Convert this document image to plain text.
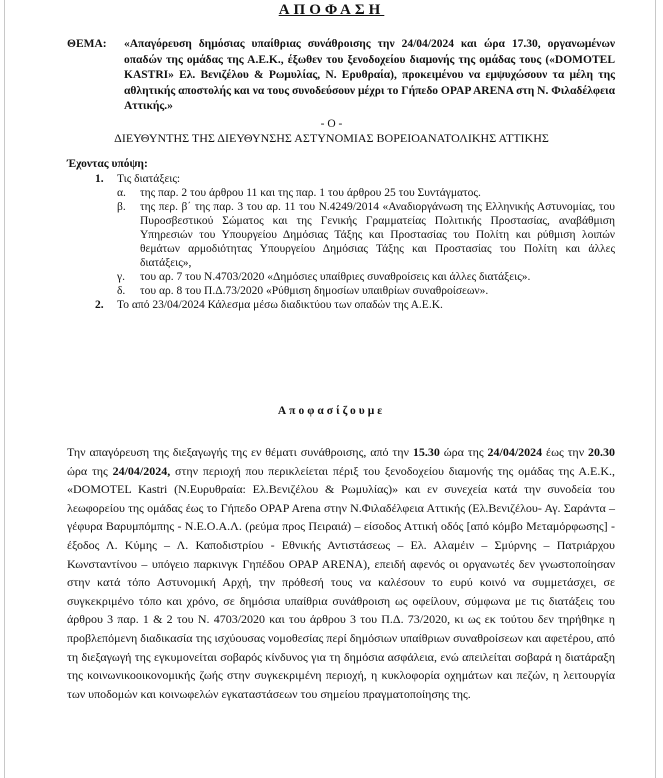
ΑΠΟΦΑΣΗ
ΘΕΜΑ:	«Απαγόρευση δημόσιας υπαίθριας συνάθροισης την 24/04/2024 και ώρα 17.30, οργανωμένων οπαδών της ομάδας της Α.Ε.Κ., έξωθεν του ξενοδοχείου διαμονής της ομάδας τους («DOMOTEL KASTRI» Ελ. Βενιζέλου & Ρωμυλίας, Ν. Ερυθραία), προκειμένου να εμψυχώσουν τα μέλη της αθλητικής αποστολής και να τους συνοδεύσουν μέχρι το Γήπεδο OPAP ARENA στη Ν. Φιλαδέλφεια Αττικής.»
- Ο -
ΔΙΕΥΘΥΝΤΗΣ ΤΗΣ ΔΙΕΥΘΥΝΣΗΣ ΑΣΤΥΝΟΜΙΑΣ ΒΟΡΕΙΟΑΝΑΤΟΛΙΚΗΣ ΑΤΤΙΚΗΣ
Έχοντας υπόψη:
1.	Τις διατάξεις:
α.	της παρ. 2 του άρθρου 11 και της παρ. 1 του άρθρου 25 του Συντάγματος.
β.	της περ. β΄ της παρ. 3 του αρ. 11 του Ν.4249/2014 «Αναδιοργάνωση της Ελληνικής Αστυνομίας, του Πυροσβεστικού Σώματος και της Γενικής Γραμματείας Πολιτικής Προστασίας, αναβάθμιση Υπηρεσιών του Υπουργείου Δημόσιας Τάξης και Προστασίας του Πολίτη και ρύθμιση λοιπών θεμάτων αρμοδιότητας Υπουργείου Δημόσιας Τάξης και Προστασίας του Πολίτη και άλλες διατάξεις»,
γ.	του αρ. 7 του Ν.4703/2020 «Δημόσιες υπαίθριες συναθροίσεις και άλλες διατάξεις».
δ.	του αρ. 8 του Π.Δ.73/2020 «Ρύθμιση δημοσίων υπαιθρίων συναθροίσεων».
2.	Το από 23/04/2024 Κάλεσμα μέσω διαδικτύου των οπαδών της Α.Ε.Κ.
Αποφασίζουμε
Την απαγόρευση της διεξαγωγής της εν θέματι συνάθροισης, από την 15.30 ώρα της 24/04/2024 έως την 20.30 ώρα της 24/04/2024, στην περιοχή που περικλείεται πέριξ του ξενοδοχείου διαμονής της ομάδας της Α.Ε.Κ., «DOMOTEL Kastri (Ν.Ευρυθραία: Ελ.Βενιζέλου & Ρωμυλίας)» και εν συνεχεία κατά την συνοδεία του λεωφορείου της ομάδας έως το Γήπεδο OPAP Arena στην Ν.Φιλαδέλφεια Αττικής (Ελ.Βενιζέλου- Αγ. Σαράντα – γέφυρα Βαρυμπόμπης - Ν.Ε.Ο.Α.Λ. (ρεύμα προς Πειραιά) – είσοδος Αττική οδός [από κόμβο Μεταμόρφωσης] - έξοδος Λ. Κύμης – Λ. Καποδιστρίου - Εθνικής Αντιστάσεως – Ελ. Αλαμέιν – Σμύρνης – Πατριάρχου Κωνσταντίνου – υπόγειο παρκινγκ Γηπέδου OPAP ARENA), επειδή αφενός οι οργανωτές δεν γνωστοποίησαν στην κατά τόπο Αστυνομική Αρχή, την πρόθεσή τους να καλέσουν το ευρύ κοινό να συμμετάσχει, σε συγκεκριμένο τόπο και χρόνο, σε δημόσια υπαίθρια συνάθροιση ως οφείλουν, σύμφωνα με τις διατάξεις του άρθρου 3 παρ. 1 & 2 του Ν. 4703/2020 και του άρθρου 3 του Π.Δ. 73/2020, κι ως εκ τούτου δεν τηρήθηκε η προβλεπόμενη διαδικασία της ισχύουσας νομοθεσίας περί δημόσιων υπαίθριων συναθροίσεων και αφετέρου, από τη διεξαγωγή της εγκυμονείται σοβαρός κίνδυνος για τη δημόσια ασφάλεια, ενώ απειλείται σοβαρά η διατάραξη της κοινωνικοοικονομικής ζωής στην συγκεκριμένη περιοχή, η κυκλοφορία οχημάτων και πεζών, η λειτουργία των υποδομών και κοινωφελών εγκαταστάσεων του σημείου πραγματοποίησης της.
